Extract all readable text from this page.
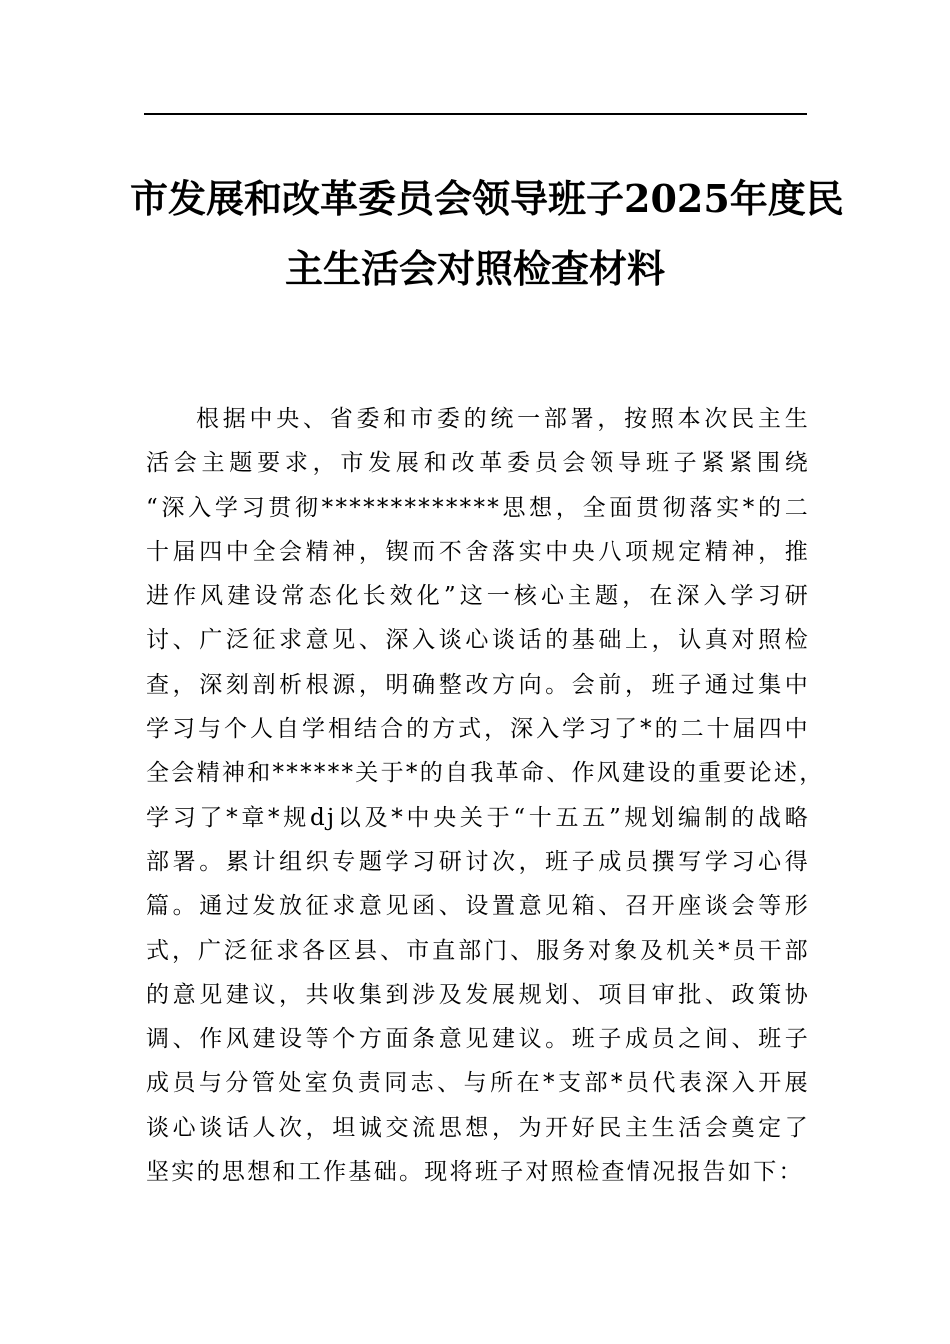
市发展和改革委员会领导班子2025年度民
主生活会对照检查材料
根据中央、省委和市委的统一部署，按照本次民主生
活会主题要求，市发展和改革委员会领导班子紧紧围绕
“深入学习贯彻*************思想，全面贯彻落实*的二
十届四中全会精神，锲而不舍落实中央八项规定精神，推
进作风建设常态化长效化”这一核心主题，在深入学习研
讨、广泛征求意见、深入谈心谈话的基础上，认真对照检
查，深刻剖析根源，明确整改方向。会前，班子通过集中
学习与个人自学相结合的方式，深入学习了*的二十届四中
全会精神和******关于*的自我革命、作风建设的重要论述，
学习了*章*规dj以及*中央关于“十五五”规划编制的战略
部署。累计组织专题学习研讨次，班子成员撰写学习心得
篇。通过发放征求意见函、设置意见箱、召开座谈会等形
式，广泛征求各区县、市直部门、服务对象及机关*员干部
的意见建议，共收集到涉及发展规划、项目审批、政策协
调、作风建设等个方面条意见建议。班子成员之间、班子
成员与分管处室负责同志、与所在*支部*员代表深入开展
谈心谈话人次，坦诚交流思想，为开好民主生活会奠定了
坚实的思想和工作基础。现将班子对照检查情况报告如下：
